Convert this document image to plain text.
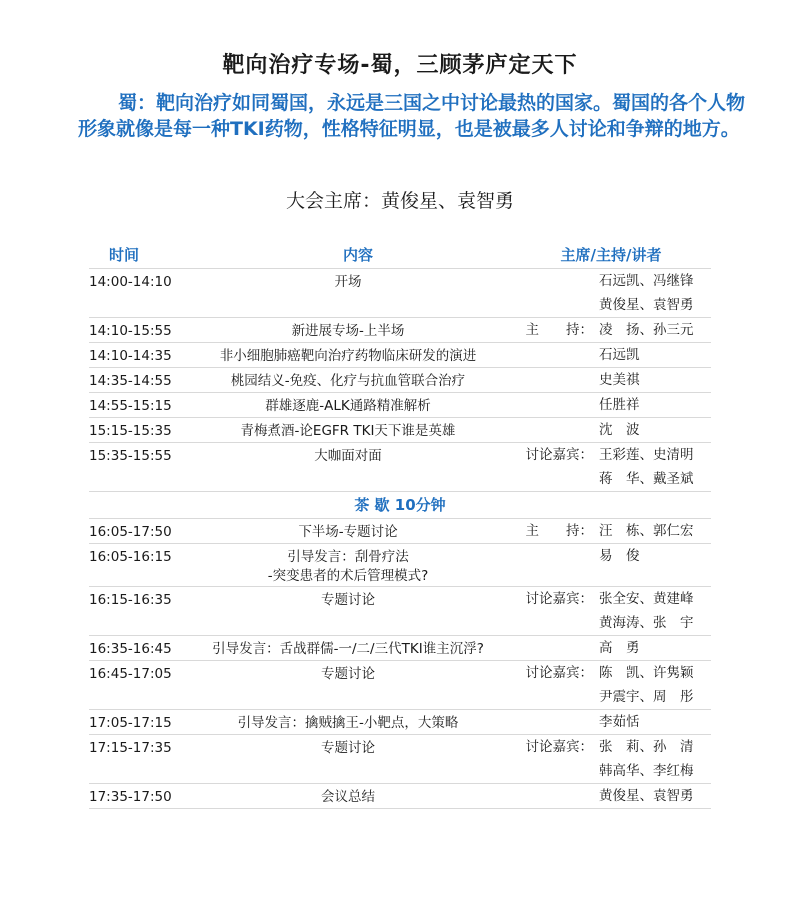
靶向治疗专场-蜀，三顾茅庐定天下
蜀：靶向治疗如同蜀国，永远是三国之中讨论最热的国家。蜀国的各个人物形象就像是每一种TKI药物，性格特征明显，也是被最多人讨论和争辩的地方。
大会主席：黄俊星、袁智勇
时间	内容	主席/主持/讲者
14:00-14:10	开场	石远凯、冯继锋
黄俊星、袁智勇
14:10-15:55	新进展专场-上半场	主　　持： 凌　扬、孙三元
14:10-14:35	非小细胞肺癌靶向治疗药物临床研发的演进	石远凯
14:35-14:55	桃园结义-免疫、化疗与抗血管联合治疗	史美祺
14:55-15:15	群雄逐鹿-ALK通路精准解析	任胜祥
15:15-15:35	青梅煮酒-论EGFR TKI天下谁是英雄	沈　波
15:35-15:55	大咖面对面	讨论嘉宾： 王彩莲、史清明
蒋　华、戴圣斌
茶 歇 10分钟
16:05-17:50	下半场-专题讨论	主　　持： 汪　栋、郭仁宏
16:05-16:15	引导发言：刮骨疗法
-突变患者的术后管理模式?
易　俊
16:15-16:35	专题讨论	讨论嘉宾： 张全安、黄建峰
黄海涛、张　宇
16:35-16:45	引导发言：舌战群儒-一/二/三代TKI谁主沉浮?	高　勇
16:45-17:05	专题讨论	讨论嘉宾： 陈　凯、许隽颖
尹震宇、周　彤
17:05-17:15	引导发言：擒贼擒王-小靶点，大策略	李茹恬
17:15-17:35	专题讨论	讨论嘉宾： 张　莉、孙　清
韩高华、李红梅
17:35-17:50	会议总结	黄俊星、袁智勇
